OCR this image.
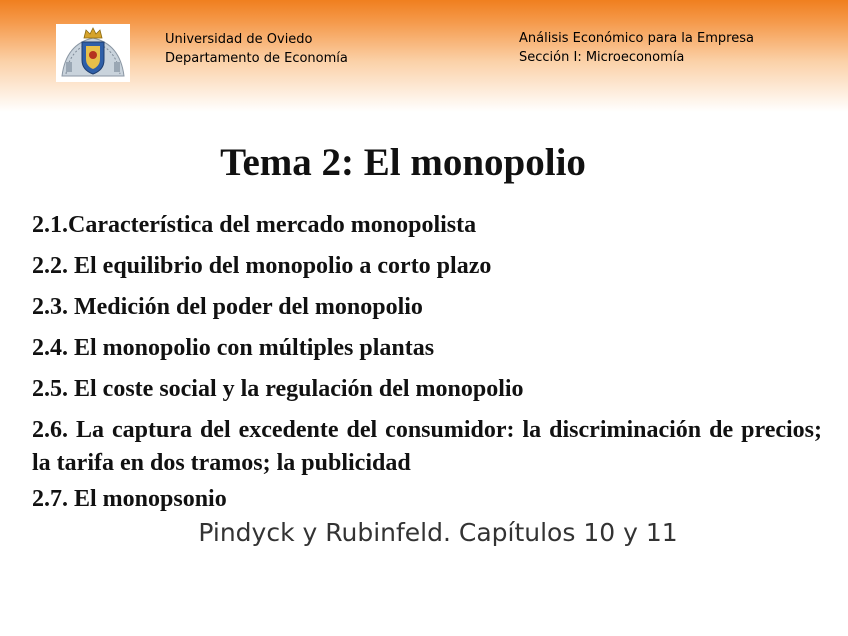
Universidad de Oviedo
Departamento de Economía
Análisis Económico para la Empresa
Sección I: Microeconomía
Tema 2: El monopolio
2.1.Característica del mercado monopolista
2.2. El equilibrio del monopolio a corto plazo
2.3. Medición del poder del monopolio
2.4. El monopolio con múltiples plantas
2.5. El coste social y la regulación del monopolio
2.6. La captura del excedente del consumidor: la discriminación de precios; la tarifa en dos tramos; la publicidad
2.7. El monopsonio
Pindyck y Rubinfeld. Capítulos 10 y 11
